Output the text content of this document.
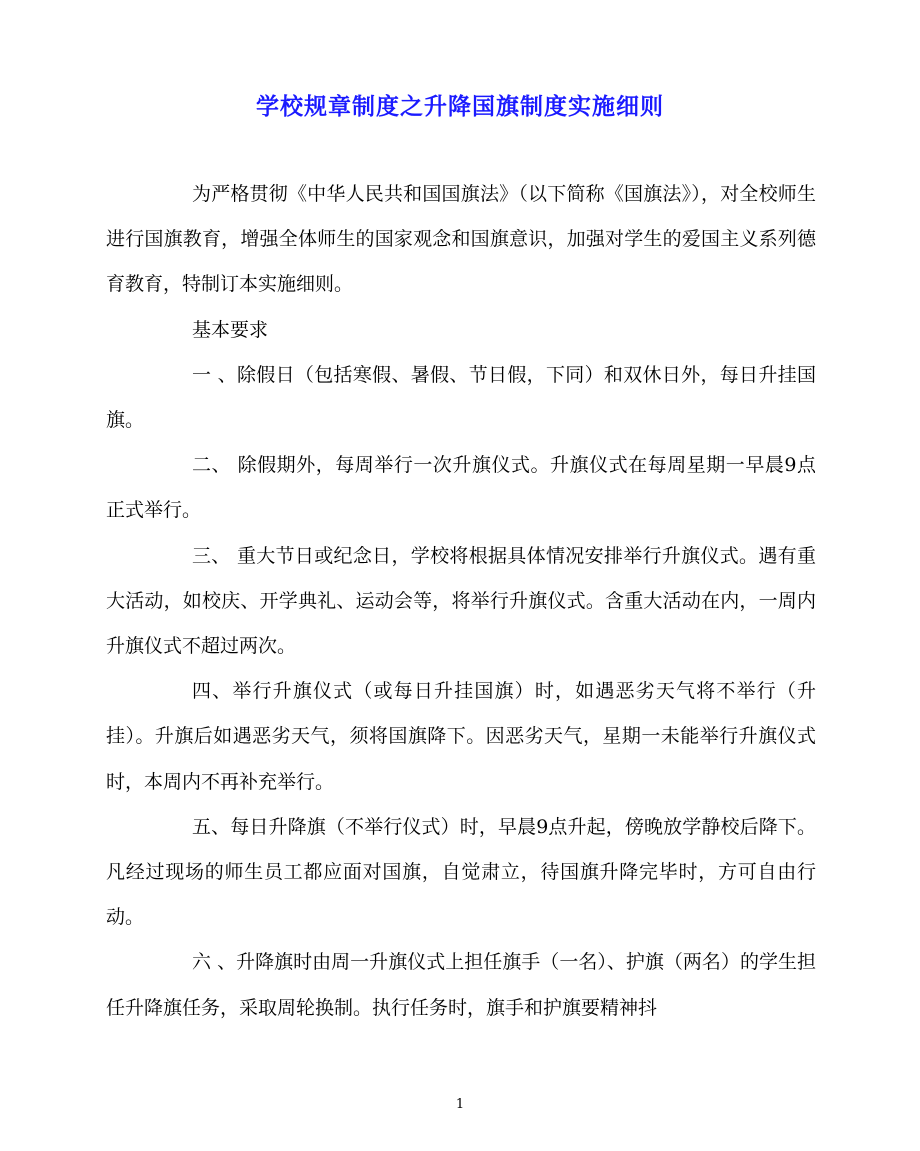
学校规章制度之升降国旗制度实施细则

为严格贯彻《中华人民共和国国旗法》（以下简称《国旗法》），对全校师生进行国旗教育，增强全体师生的国家观念和国旗意识，加强对学生的爱国主义系列德育教育，特制订本实施细则。

基本要求

一 、除假日（包括寒假、暑假、节日假，下同）和双休日外，每日升挂国旗。

二、 除假期外，每周举行一次升旗仪式。升旗仪式在每周星期一早晨9点正式举行。

三、 重大节日或纪念日，学校将根据具体情况安排举行升旗仪式。遇有重大活动，如校庆、开学典礼、运动会等，将举行升旗仪式。含重大活动在内，一周内升旗仪式不超过两次。

四、举行升旗仪式（或每日升挂国旗）时，如遇恶劣天气将不举行（升挂）。升旗后如遇恶劣天气，须将国旗降下。因恶劣天气，星期一未能举行升旗仪式时，本周内不再补充举行。

五、每日升降旗（不举行仪式）时，早晨9点升起，傍晚放学静校后降下。凡经过现场的师生员工都应面对国旗，自觉肃立，待国旗升降完毕时，方可自由行动。

六 、升降旗时由周一升旗仪式上担任旗手（一名）、护旗（两名）的学生担任升降旗任务，采取周轮换制。执行任务时，旗手和护旗要精神抖

1
